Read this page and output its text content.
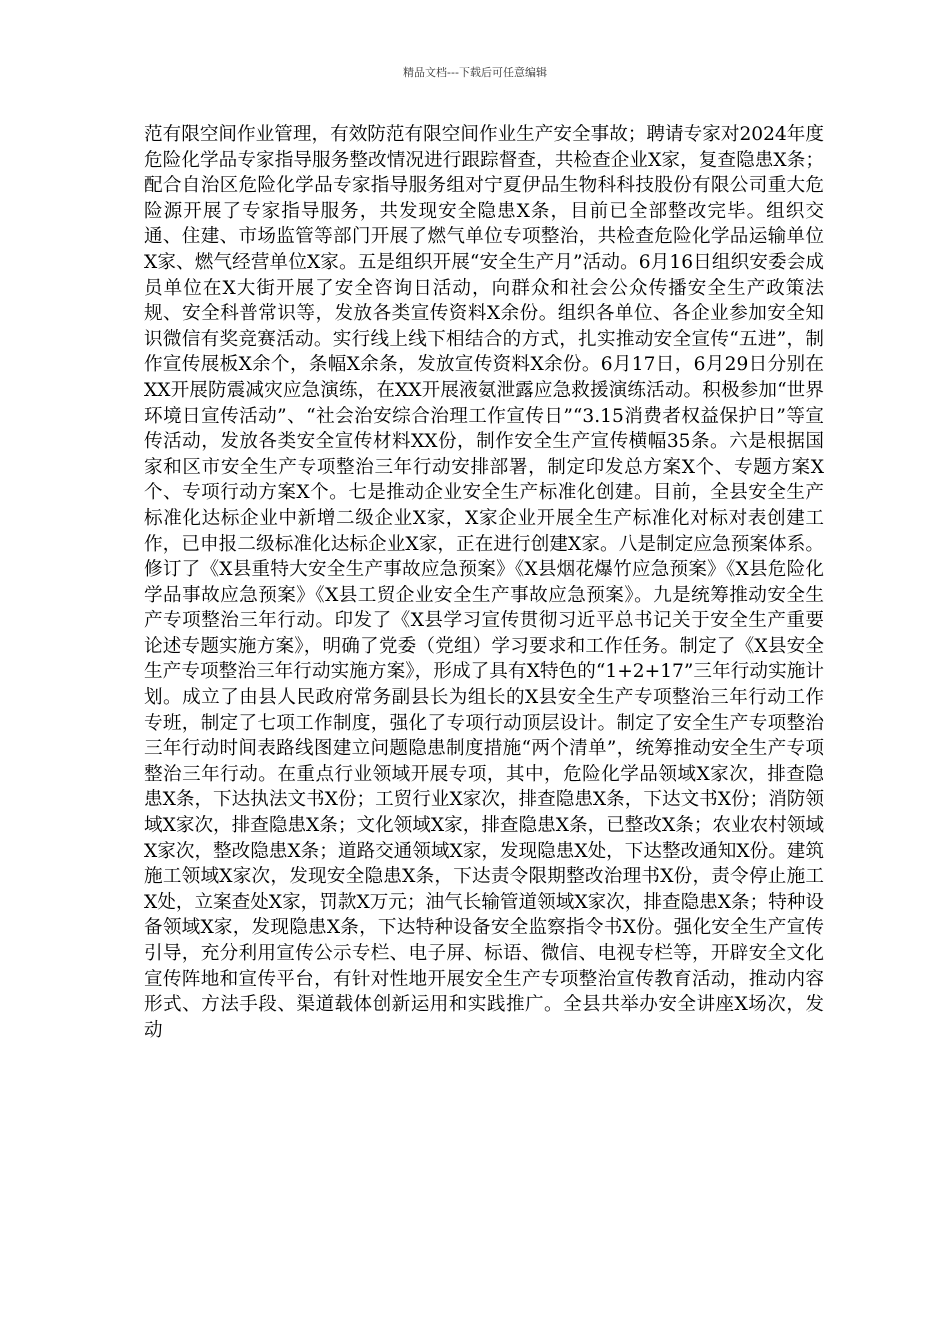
精品文档---下载后可任意编辑

范有限空间作业管理，有效防范有限空间作业生产安全事故；聘请专家对2024年度危险化学品专家指导服务整改情况进行跟踪督查，共检查企业X家，复查隐患X条；配合自治区危险化学品专家指导服务组对宁夏伊品生物科科技股份有限公司重大危险源开展了专家指导服务，共发现安全隐患X条，目前已全部整改完毕。组织交通、住建、市场监管等部门开展了燃气单位专项整治，共检查危险化学品运输单位X家、燃气经营单位X家。五是组织开展“安全生产月”活动。6月16日组织安委会成员单位在X大街开展了安全咨询日活动，向群众和社会公众传播安全生产政策法规、安全科普常识等，发放各类宣传资料X余份。组织各单位、各企业参加安全知识微信有奖竞赛活动。实行线上线下相结合的方式，扎实推动安全宣传“五进”，制作宣传展板X余个，条幅X余条，发放宣传资料X余份。6月17日，6月29日分别在XX开展防震减灾应急演练，在XX开展液氨泄露应急救援演练活动。积极参加“世界环境日宣传活动”、“社会治安综合治理工作宣传日”“3.15消费者权益保护日”等宣传活动，发放各类安全宣传材料XX份，制作安全生产宣传横幅35条。六是根据国家和区市安全生产专项整治三年行动安排部署，制定印发总方案X个、专题方案X个、专项行动方案X个。七是推动企业安全生产标准化创建。目前，全县安全生产标准化达标企业中新增二级企业X家，X家企业开展全生产标准化对标对表创建工作，已申报二级标准化达标企业X家，正在进行创建X家。八是制定应急预案体系。修订了《X县重特大安全生产事故应急预案》《X县烟花爆竹应急预案》《X县危险化学品事故应急预案》《X县工贸企业安全生产事故应急预案》。九是统筹推动安全生产专项整治三年行动。印发了《X县学习宣传贯彻习近平总书记关于安全生产重要论述专题实施方案》，明确了党委（党组）学习要求和工作任务。制定了《X县安全生产专项整治三年行动实施方案》，形成了具有X特色的“1+2+17”三年行动实施计划。成立了由县人民政府常务副县长为组长的X县安全生产专项整治三年行动工作专班，制定了七项工作制度，强化了专项行动顶层设计。制定了安全生产专项整治三年行动时间表路线图建立问题隐患制度措施“两个清单”，统筹推动安全生产专项整治三年行动。在重点行业领域开展专项，其中，危险化学品领域X家次，排查隐患X条，下达执法文书X份；工贸行业X家次，排查隐患X条，下达文书X份；消防领域X家次，排查隐患X条；文化领域X家，排查隐患X条，已整改X条；农业农村领域X家次，整改隐患X条；道路交通领域X家，发现隐患X处，下达整改通知X份。建筑施工领域X家次，发现安全隐患X条，下达责令限期整改治理书X份，责令停止施工X处，立案查处X家，罚款X万元；油气长输管道领域X家次，排查隐患X条；特种设备领域X家，发现隐患X条，下达特种设备安全监察指令书X份。强化安全生产宣传引导，充分利用宣传公示专栏、电子屏、标语、微信、电视专栏等，开辟安全文化宣传阵地和宣传平台，有针对性地开展安全生产专项整治宣传教育活动，推动内容形式、方法手段、渠道载体创新运用和实践推广。全县共举办安全讲座X场次，发动
